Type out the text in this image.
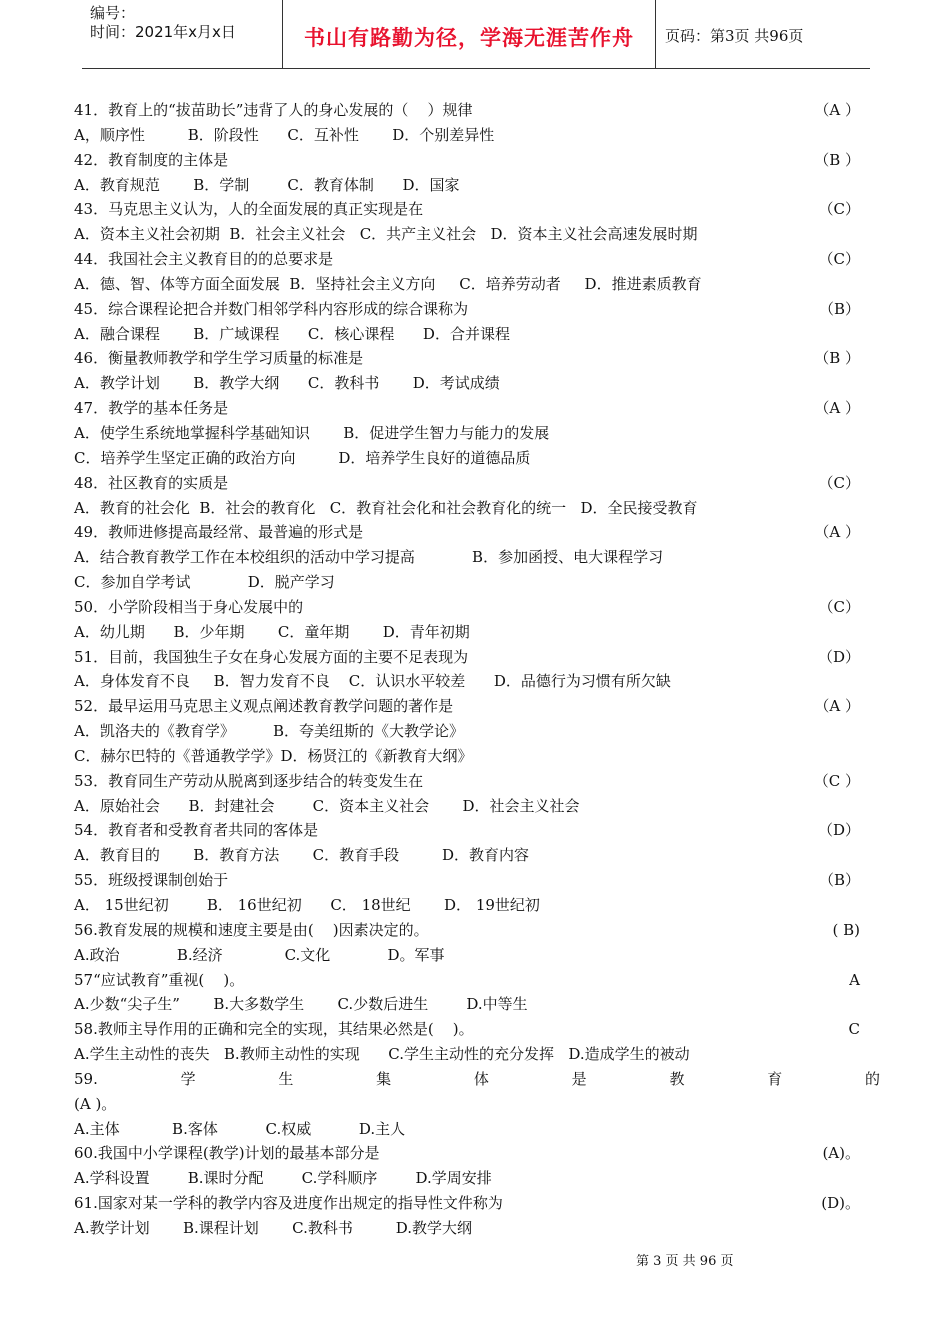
编号：
时间：2021年x月x日	书山有路勤为径，学海无涯苦作舟	页码：第3页 共96页
41．教育上的“拔苗助长”违背了人的身心发展的（    ）规律	（A ）
A，顺序性         B．阶段性      C．互补性       D．个别差异性
42．教育制度的主体是	（B ）
A．教育规范       B．学制        C．教育体制      D．国家
43．马克思主义认为，人的全面发展的真正实现是在	（C）
A．资本主义社会初期  B．社会主义社会   C．共产主义社会   D．资本主义社会高速发展时期
44．我国社会主义教育目的的总要求是	（C）
A．德、智、体等方面全面发展  B．坚持社会主义方向     C．培养劳动者     D．推进素质教育
45．综合课程论把合并数门相邻学科内容形成的综合课称为	（B）
A．融合课程       B．广域课程      C．核心课程      D．合并课程
46．衡量教师教学和学生学习质量的标准是	（B ）
A．教学计划       B．教学大纲      C．教科书       D．考试成绩
47．教学的基本任务是	（A ）
A．使学生系统地掌握科学基础知识       B．促进学生智力与能力的发展
C．培养学生坚定正确的政治方向         D．培养学生良好的道德品质
48．社区教育的实质是	（C）
A．教育的社会化  B．社会的教育化   C．教育社会化和社会教育化的统一   D．全民接受教育
49．教师进修提高最经常、最普遍的形式是	（A ）
A．结合教育教学工作在本校组织的活动中学习提高            B．参加函授、电大课程学习
C．参加自学考试            D．脱产学习
50．小学阶段相当于身心发展中的	（C）
A．幼儿期      B．少年期       C．童年期       D．青年初期
51．目前，我国独生子女在身心发展方面的主要不足表现为	（D）
A．身体发育不良     B．智力发育不良    C．认识水平较差      D．品德行为习惯有所欠缺
52．最早运用马克思主义观点阐述教育教学问题的著作是	（A ）
A．凯洛夫的《教育学》        B．夸美纽斯的《大教学论》
C．赫尔巴特的《普通教学学》D．杨贤江的《新教育大纲》
53．教育同生产劳动从脱离到逐步结合的转变发生在	（C ）
A．原始社会      B．封建社会        C．资本主义社会       D．社会主义社会
54．教育者和受教育者共同的客体是	（D）
A．教育目的       B．教育方法       C．教育手段         D．教育内容
55．班级授课制创始于	（B）
A． 15世纪初        B． 16世纪初      C． 18世纪       D． 19世纪初
56.教育发展的规模和速度主要是由(    )因素决定的。	( B)
A.政治            B.经济             C.文化            D。军事
57“应试教育”重视(    )。	A
A.少数“尖子生”       B.大多数学生       C.少数后进生        D.中等生
58.教师主导作用的正确和完全的实现，其结果必然是(    )。	C
A.学生主动性的丧失   B.教师主动性的实现      C.学生主动性的充分发挥   D.造成学生的被动
59.	学	生	集	体	是	教	育	的
(A )。
A.主体           B.客体          C.权威          D.主人
60.我国中小学课程(教学)计划的最基本部分是	(A)。
A.学科设置        B.课时分配        C.学科顺序        D.学周安排
61.国家对某一学科的教学内容及进度作出规定的指导性文件称为	(D)。
A.教学计划       B.课程计划       C.教科书         D.教学大纲
第 3 页 共 96 页
